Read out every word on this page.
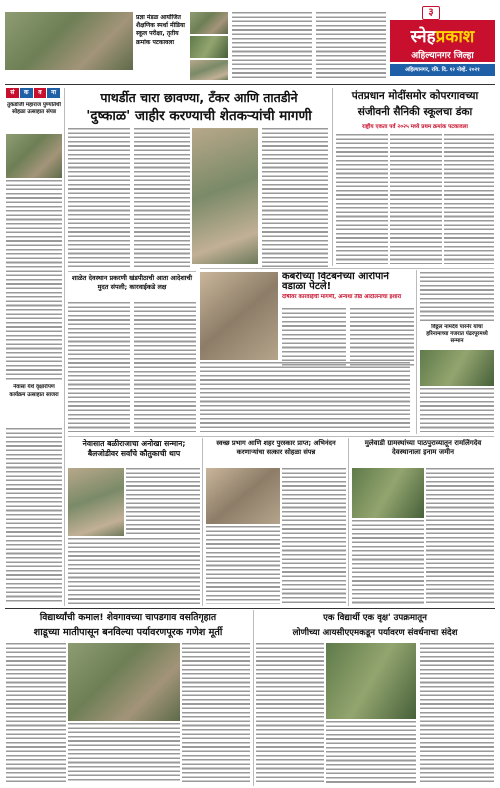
प्रज्ञा मंडळ आयोजित शैक्षणिक स्पर्धा मीडिया स्कूल परीक्षा, तृतीय क्रमांक पटकावला
३
स्नेहप्रकाश
अहिल्यानगर जिल्हा
अहिल्यानगर, रवि. दि. १२ नोव्हें. २०२१
सं	क	व	ना
तुकडोजी महाराज पुण्यतिथी सोहळा उत्साहात संपन्न
नेवासा येथे वृक्षारोपण कार्यक्रम उत्साहात साजरा
पाथर्डीत चारा छावण्या, टँकर आणि तातडीने
'दुष्काळ' जाहीर करण्याची शेतकऱ्यांची मागणी
शाळेत देवस्थान प्रकरणी खंडपीठाची आता आदेशाची मुदत संपली; कारवाईकडे लक्ष
पंतप्रधान मोदींसमोर कोपरगावच्या
संजीवनी सैनिकी स्कूलचा डंका
राष्ट्रीय एकता पर्व २०२५ मध्ये प्रथम क्रमांक पटकावला
कबरीच्या विटंबनेच्या आरोपाने वडाळा पेटले!
दोषींवर कारवाईची मागणी, अन्यथा तीव्र आंदोलनाचा इशारा
विठ्ठल नामदेव पारनेर यांचा हरिनामाच्या गजरात पंढरपूरमध्ये सन्मान
नेवासात बळीराजाचा अनोखा सन्मान; बैलजोडीवर सर्वांचे कौतुकाची थाप
स्वच्छ प्रभाग आणि शहर पुरस्कार प्राप्त; अभिनंदन करणाऱ्यांचा सत्कार सोहळा संपन्न
मुलेवाडी ग्रामस्थांच्या पाठपुराव्यातून रामलिंगदेव देवस्थानाला इनाम जमीन
विद्यार्थ्यांची कमाल! शेवगावच्या चापडगाव वसतिगृहात
शाडूच्या मातीपासून बनविल्या पर्यावरणपूरक गणेश मूर्ती
एक विद्यार्थी एक वृक्ष' उपक्रमातून
लोणीच्या आयसीएएमकडून पर्यावरण संवर्धनाचा संदेश
